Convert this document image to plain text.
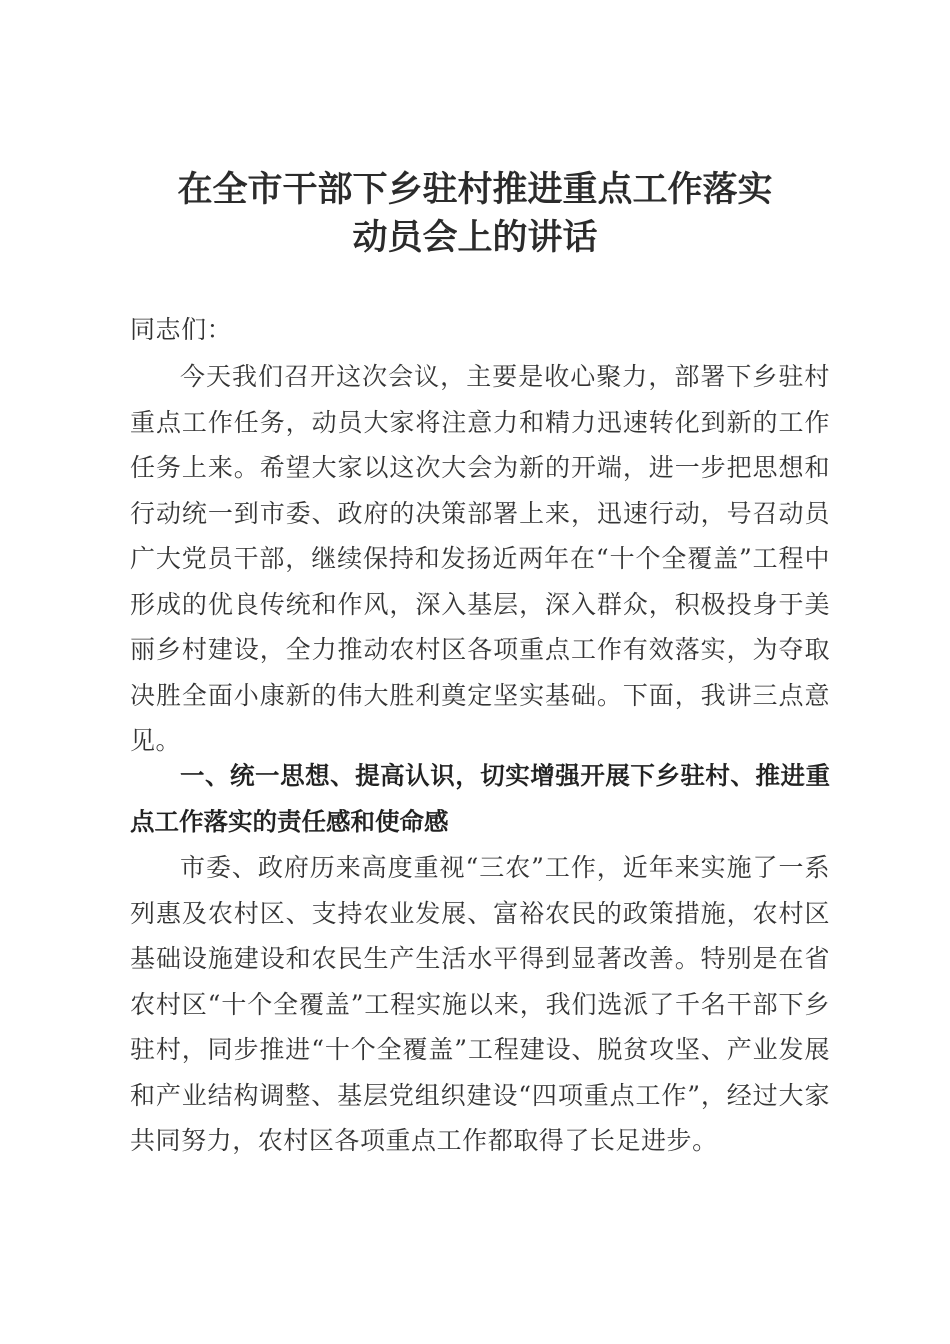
在全市干部下乡驻村推进重点工作落实
动员会上的讲话

同志们：

今天我们召开这次会议，主要是收心聚力，部署下乡驻村重点工作任务，动员大家将注意力和精力迅速转化到新的工作任务上来。希望大家以这次大会为新的开端，进一步把思想和行动统一到市委、政府的决策部署上来，迅速行动，号召动员广大党员干部，继续保持和发扬近两年在“十个全覆盖”工程中形成的优良传统和作风，深入基层，深入群众，积极投身于美丽乡村建设，全力推动农村区各项重点工作有效落实，为夺取决胜全面小康新的伟大胜利奠定坚实基础。下面，我讲三点意见。

一、统一思想、提高认识，切实增强开展下乡驻村、推进重点工作落实的责任感和使命感

市委、政府历来高度重视“三农”工作，近年来实施了一系列惠及农村区、支持农业发展、富裕农民的政策措施，农村区基础设施建设和农民生产生活水平得到显著改善。特别是在省农村区“十个全覆盖”工程实施以来，我们选派了千名干部下乡驻村，同步推进“十个全覆盖”工程建设、脱贫攻坚、产业发展和产业结构调整、基层党组织建设“四项重点工作”，经过大家共同努力，农村区各项重点工作都取得了长足进步。
